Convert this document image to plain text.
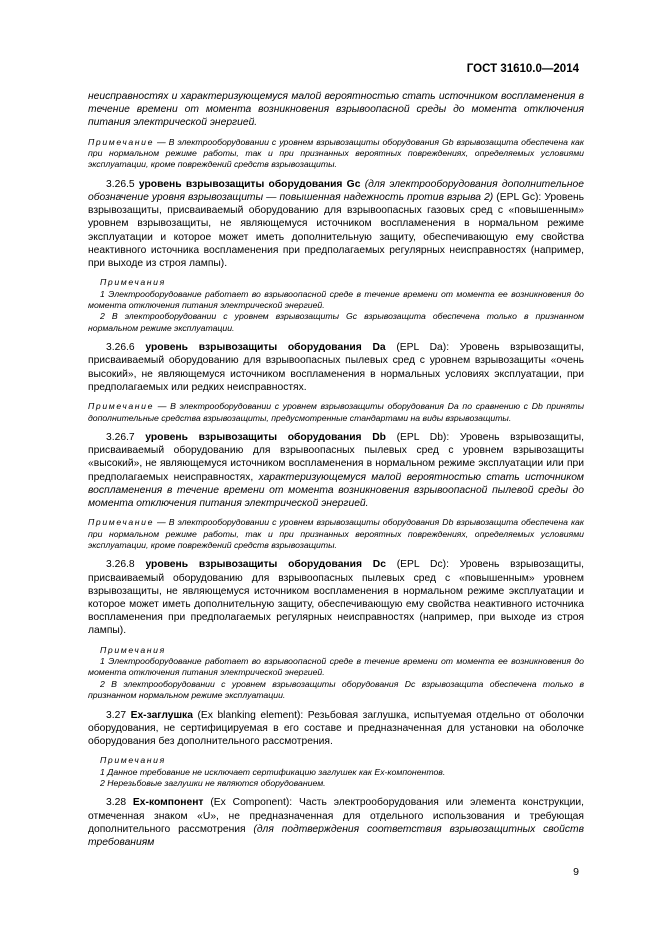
ГОСТ 31610.0—2014

неисправностях и характеризующемуся малой вероятностью стать источником воспламенения в течение времени от момента возникновения взрывоопасной среды до момента отключения питания электрической энергией.

Примечание — В электрооборудовании с уровнем взрывозащиты оборудования Gb взрывозащита обеспечена как при нормальном режиме работы, так и при признанных вероятных повреждениях, определяемых условиями эксплуатации, кроме повреждений средств взрывозащиты.

3.26.5 уровень взрывозащиты оборудования Gc (для электрооборудования дополнительное обозначение уровня взрывозащиты — повышенная надежность против взрыва 2) (EPL Gc): Уровень взрывозащиты, присваиваемый оборудованию для взрывоопасных газовых сред с «повышенным» уровнем взрывозащиты, не являющемуся источником воспламенения в нормальном режиме эксплуатации и которое может иметь дополнительную защиту, обеспечивающую ему свойства неактивного источника воспламенения при предполагаемых регулярных неисправностях (например, при выходе из строя лампы).

Примечания

1 Электрооборудование работает во взрывоопасной среде в течение времени от момента ее возникновения до момента отключения питания электрической энергией.

2 В электрооборудовании с уровнем взрывозащиты Gc взрывозащита обеспечена только в признанном нормальном режиме эксплуатации.

3.26.6 уровень взрывозащиты оборудования Da (EPL Da): Уровень взрывозащиты, присваиваемый оборудованию для взрывоопасных пылевых сред с уровнем взрывозащиты «очень высокий», не являющемуся источником воспламенения в нормальных условиях эксплуатации, при предполагаемых или редких неисправностях.

Примечание — В электрооборудовании с уровнем взрывозащиты оборудования Da по сравнению с Db приняты дополнительные средства взрывозащиты, предусмотренные стандартами на виды взрывозащиты.

3.26.7 уровень взрывозащиты оборудования Db (EPL Db): Уровень взрывозащиты, присваиваемый оборудованию для взрывоопасных пылевых сред с уровнем взрывозащиты «высокий», не являющемуся источником воспламенения в нормальном режиме эксплуатации или при предполагаемых неисправностях, характеризующемуся малой вероятностью стать источником воспламенения в течение времени от момента возникновения взрывоопасной пылевой среды до момента отключения питания электрической энергией.

Примечание — В электрооборудовании с уровнем взрывозащиты оборудования Db взрывозащита обеспечена как при нормальном режиме работы, так и при признанных вероятных повреждениях, определяемых условиями эксплуатации, кроме повреждений средств взрывозащиты.

3.26.8 уровень взрывозащиты оборудования Dc (EPL Dc): Уровень взрывозащиты, присваиваемый оборудованию для взрывоопасных пылевых сред с «повышенным» уровнем взрывозащиты, не являющемуся источником воспламенения в нормальном режиме эксплуатации и которое может иметь дополнительную защиту, обеспечивающую ему свойства неактивного источника воспламенения при предполагаемых регулярных неисправностях (например, при выходе из строя лампы).

Примечания

1 Электрооборудование работает во взрывоопасной среде в течение времени от момента ее возникновения до момента отключения питания электрической энергией.

2 В электрооборудовании с уровнем взрывозащиты оборудования Dc взрывозащита обеспечена только в признанном нормальном режиме эксплуатации.

3.27 Ex-заглушка (Ex blanking element): Резьбовая заглушка, испытуемая отдельно от оболочки оборудования, не сертифицируемая в его составе и предназначенная для установки на оболочке оборудования без дополнительного рассмотрения.

Примечания

1 Данное требование не исключает сертификацию заглушек как Ex-компонентов.

2 Нерезьбовые заглушки не являются оборудованием.

3.28 Ex-компонент (Ex Component): Часть электрооборудования или элемента конструкции, отмеченная знаком «U», не предназначенная для отдельного использования и требующая дополнительного рассмотрения (для подтверждения соответствия взрывозащитных свойств требованиям

9
